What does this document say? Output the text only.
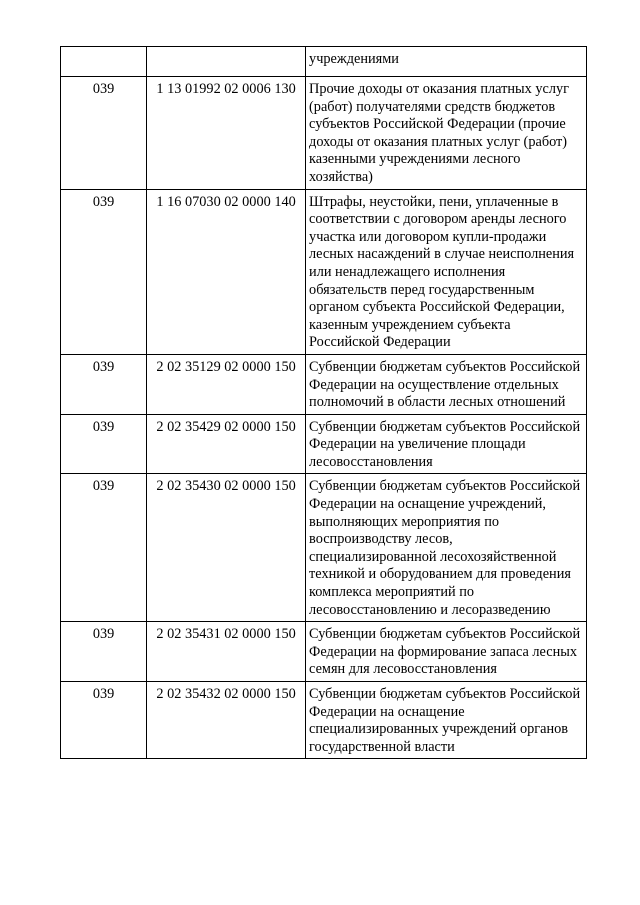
		учреждениями
039	1 13 01992 02 0006 130	Прочие доходы от оказания платных услуг (работ) получателями средств бюджетов субъектов Российской Федерации (прочие доходы от оказания платных услуг (работ) казенными учреждениями лесного хозяйства)
039	1 16 07030 02 0000 140	Штрафы, неустойки, пени, уплаченные в соответствии с договором аренды лесного участка или договором купли-продажи лесных насаждений в случае неисполнения или ненадлежащего исполнения обязательств перед государственным органом субъекта Российской Федерации, казенным учреждением субъекта Российской Федерации
039	2 02 35129 02 0000 150	Субвенции бюджетам субъектов Российской Федерации на осуществление отдельных полномочий в области лесных отношений
039	2 02 35429 02 0000 150	Субвенции бюджетам субъектов Российской Федерации на увеличение площади лесовосстановления
039	2 02 35430 02 0000 150	Субвенции бюджетам субъектов Российской Федерации на оснащение учреждений, выполняющих мероприятия по воспроизводству лесов, специализированной лесохозяйственной техникой и оборудованием для проведения комплекса мероприятий по лесовосстановлению и лесоразведению
039	2 02 35431 02 0000 150	Субвенции бюджетам субъектов Российской Федерации на формирование запаса лесных семян для лесовосстановления
039	2 02 35432 02 0000 150	Субвенции бюджетам субъектов Российской Федерации на оснащение специализированных учреждений органов государственной власти
